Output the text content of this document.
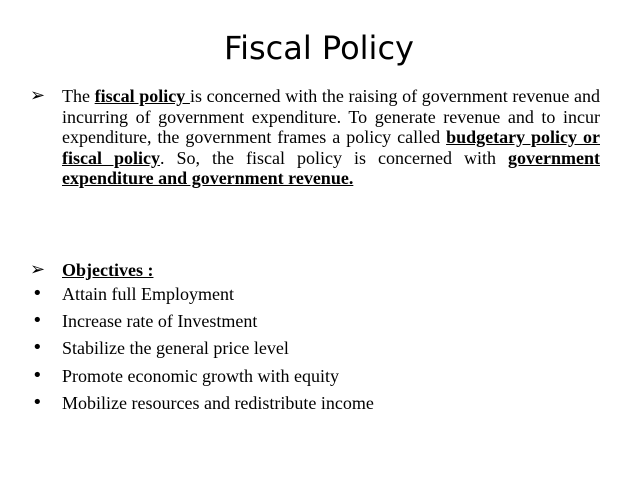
Fiscal Policy
➢ The fiscal policy is concerned with the raising of government revenue and incurring of government expenditure. To generate revenue and to incur expenditure, the government frames a policy called budgetary policy or fiscal policy. So, the fiscal policy is concerned with government expenditure and government revenue.
➢ Objectives :
• Attain full Employment
• Increase rate of Investment
• Stabilize the general price level
• Promote economic growth with equity
• Mobilize resources and redistribute income
